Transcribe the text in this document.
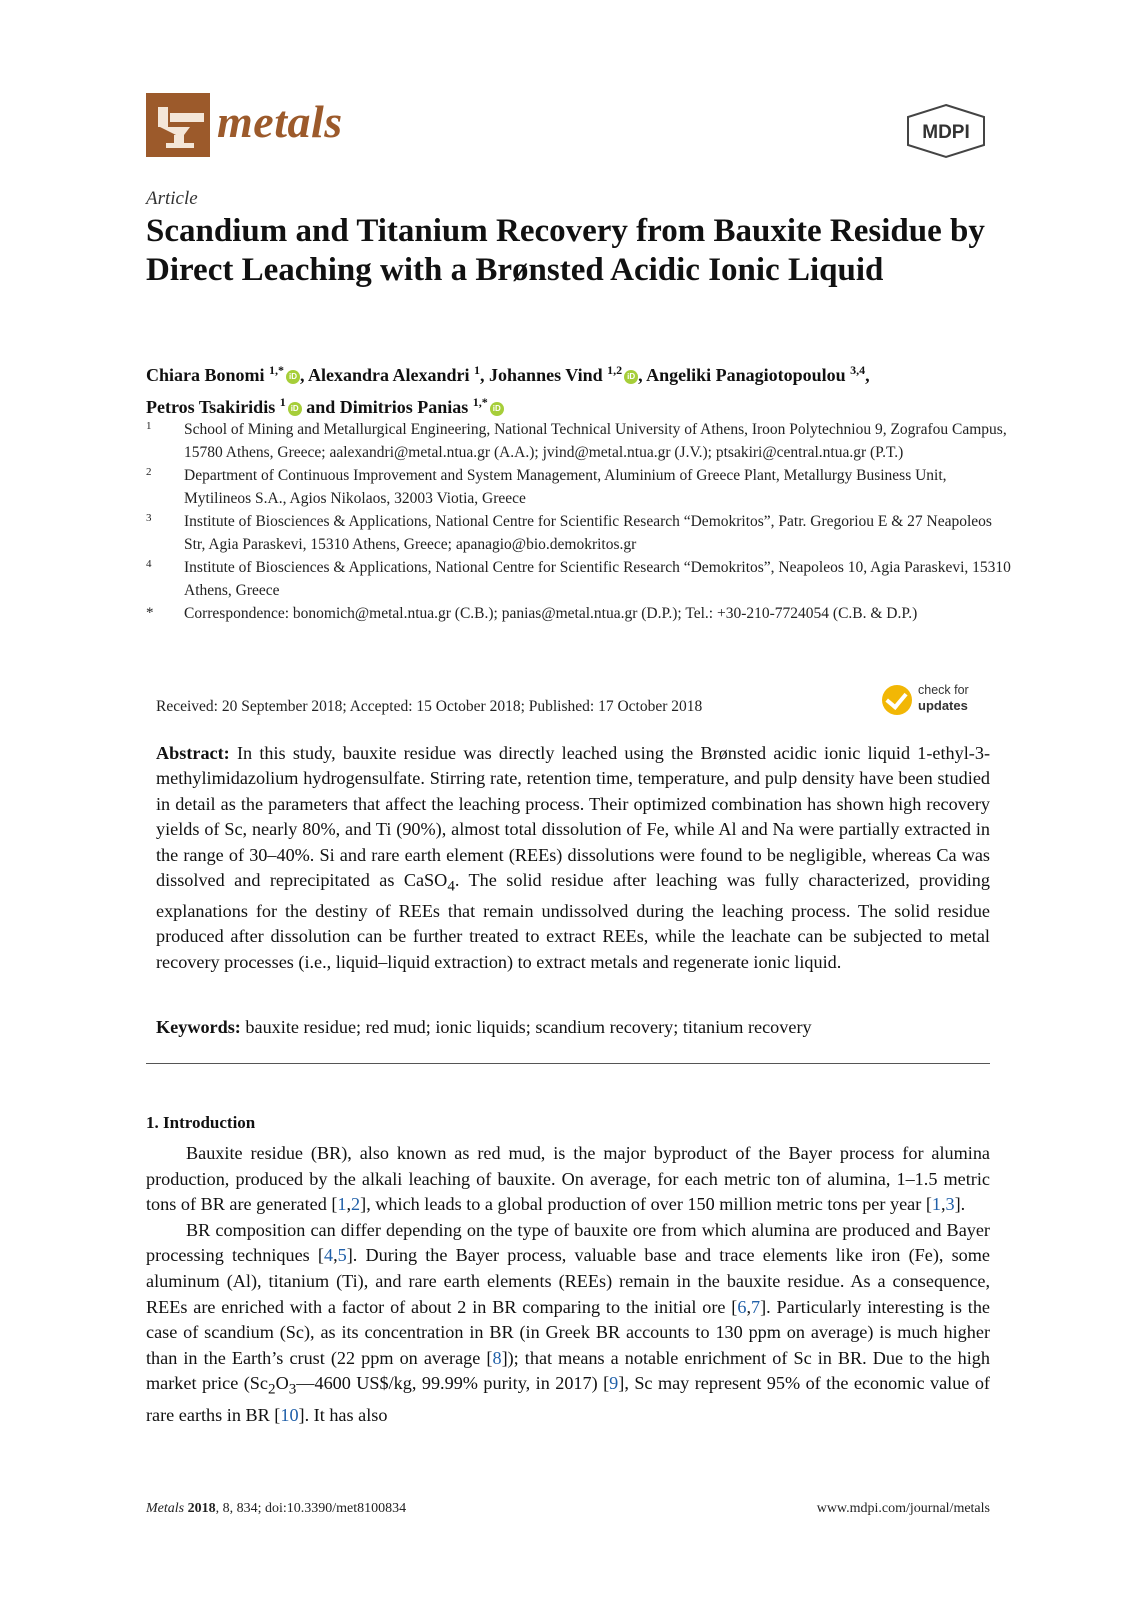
metals	MDPI
Article
Scandium and Titanium Recovery from Bauxite Residue by Direct Leaching with a Brønsted Acidic Ionic Liquid
Chiara Bonomi $^{1,*}$ iD , Alexandra Alexandri $^1$, Johannes Vind $^{1,2}$ iD , Angeliki Panagiotopoulou $^{3,4}$,
Petros Tsakiridis $^1$ iD and Dimitrios Panias $^{1,*}$ iD
1	School of Mining and Metallurgical Engineering, National Technical University of Athens, Iroon Polytechniou 9, Zografou Campus, 15780 Athens, Greece; aalexandri@metal.ntua.gr (A.A.); jvind@metal.ntua.gr (J.V.); ptsakiri@central.ntua.gr (P.T.)
2	Department of Continuous Improvement and System Management, Aluminium of Greece Plant, Metallurgy Business Unit, Mytilineos S.A., Agios Nikolaos, 32003 Viotia, Greece
3	Institute of Biosciences & Applications, National Centre for Scientific Research “Demokritos”, Patr. Gregoriou E & 27 Neapoleos Str, Agia Paraskevi, 15310 Athens, Greece; apanagio@bio.demokritos.gr
4	Institute of Biosciences & Applications, National Centre for Scientific Research “Demokritos”, Neapoleos 10, Agia Paraskevi, 15310 Athens, Greece
*	Correspondence: bonomich@metal.ntua.gr (C.B.); panias@metal.ntua.gr (D.P.); Tel.: +30-210-7724054 (C.B. & D.P.)
Received: 20 September 2018; Accepted: 15 October 2018; Published: 17 October 2018
check for
updates

Abstract: In this study, bauxite residue was directly leached using the Brønsted acidic ionic liquid 1-ethyl-3-methylimidazolium hydrogensulfate. Stirring rate, retention time, temperature, and pulp density have been studied in detail as the parameters that affect the leaching process. Their optimized combination has shown high recovery yields of Sc, nearly 80%, and Ti (90%), almost total dissolution of Fe, while Al and Na were partially extracted in the range of 30–40%. Si and rare earth element (REEs) dissolutions were found to be negligible, whereas Ca was dissolved and reprecipitated as CaSO$_4$. The solid residue after leaching was fully characterized, providing explanations for the destiny of REEs that remain undissolved during the leaching process. The solid residue produced after dissolution can be further treated to extract REEs, while the leachate can be subjected to metal recovery processes (i.e., liquid–liquid extraction) to extract metals and regenerate ionic liquid.

Keywords: bauxite residue; red mud; ionic liquids; scandium recovery; titanium recovery
1. Introduction

Bauxite residue (BR), also known as red mud, is the major byproduct of the Bayer process for alumina production, produced by the alkali leaching of bauxite. On average, for each metric ton of alumina, 1–1.5 metric tons of BR are generated [1,2], which leads to a global production of over 150 million metric tons per year [1,3].

BR composition can differ depending on the type of bauxite ore from which alumina are produced and Bayer processing techniques [4,5]. During the Bayer process, valuable base and trace elements like iron (Fe), some aluminum (Al), titanium (Ti), and rare earth elements (REEs) remain in the bauxite residue. As a consequence, REEs are enriched with a factor of about 2 in BR comparing to the initial ore [6,7]. Particularly interesting is the case of scandium (Sc), as its concentration in BR (in Greek BR accounts to 130 ppm on average) is much higher than in the Earth’s crust (22 ppm on average [8]); that means a notable enrichment of Sc in BR. Due to the high market price ($Sc_2O_3—4600$ US$/kg, 99.99% purity, in 2017) [9], Sc may represent 95% of the economic value of rare earths in BR [10]. It has also

Metals 2018, 8, 834; doi:10.3390/met8100834	www.mdpi.com/journal/metals
